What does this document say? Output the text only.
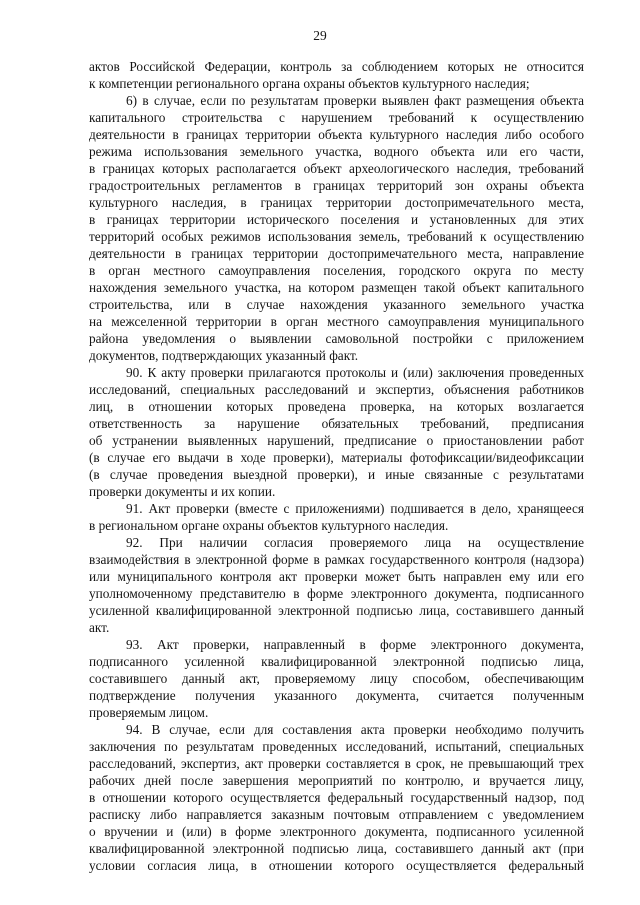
29

актов Российской Федерации, контроль за соблюдением которых не относится

к компетенции регионального органа охраны объектов культурного наследия;

6) в случае, если по результатам проверки выявлен факт размещения объекта

капитального строительства с нарушением требований к осуществлению

деятельности в границах территории объекта культурного наследия либо особого

режима использования земельного участка, водного объекта или его части,

в границах которых располагается объект археологического наследия, требований

градостроительных регламентов в границах территорий зон охраны объекта

культурного наследия, в границах территории достопримечательного места,

в границах территории исторического поселения и установленных для этих

территорий особых режимов использования земель, требований к осуществлению

деятельности в границах территории достопримечательного места, направление

в орган местного самоуправления поселения, городского округа по месту

нахождения земельного участка, на котором размещен такой объект капитального

строительства, или в случае нахождения указанного земельного участка

на межселенной территории в орган местного самоуправления муниципального

района уведомления о выявлении самовольной постройки с приложением

документов, подтверждающих указанный факт.

90. К акту проверки прилагаются протоколы и (или) заключения проведенных

исследований, специальных расследований и экспертиз, объяснения работников

лиц, в отношении которых проведена проверка, на которых возлагается

ответственность за нарушение обязательных требований, предписания

об устранении выявленных нарушений, предписание о приостановлении работ

(в случае его выдачи в ходе проверки), материалы фотофиксации/видеофиксации

(в случае проведения выездной проверки), и иные связанные с результатами

проверки документы и их копии.

91. Акт проверки (вместе с приложениями) подшивается в дело, хранящееся

в региональном органе охраны объектов культурного наследия.

92. При наличии согласия проверяемого лица на осуществление

взаимодействия в электронной форме в рамках государственного контроля (надзора)

или муниципального контроля акт проверки может быть направлен ему или его

уполномоченному представителю в форме электронного документа, подписанного

усиленной квалифицированной электронной подписью лица, составившего данный

акт.

93. Акт проверки, направленный в форме электронного документа,

подписанного усиленной квалифицированной электронной подписью лица,

составившего данный акт, проверяемому лицу способом, обеспечивающим

подтверждение получения указанного документа, считается полученным

проверяемым лицом.

94. В случае, если для составления акта проверки необходимо получить

заключения по результатам проведенных исследований, испытаний, специальных

расследований, экспертиз, акт проверки составляется в срок, не превышающий трех

рабочих дней после завершения мероприятий по контролю, и вручается лицу,

в отношении которого осуществляется федеральный государственный надзор, под

расписку либо направляется заказным почтовым отправлением с уведомлением

о вручении и (или) в форме электронного документа, подписанного усиленной

квалифицированной электронной подписью лица, составившего данный акт (при

условии согласия лица, в отношении которого осуществляется федеральный
